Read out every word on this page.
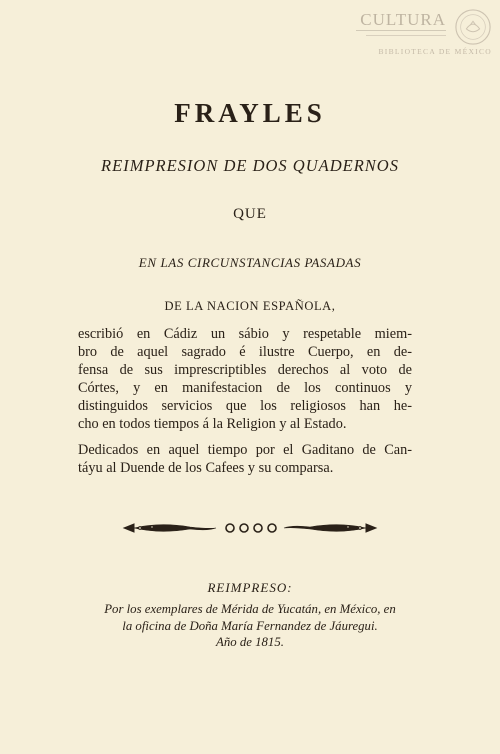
CULTURA
BIBLIOTECA DE MÉXICO
FRAYLES
REIMPRESION DE DOS QUADERNOS
QUE
EN LAS CIRCUNSTANCIAS PASADAS
DE LA NACION ESPAÑOLA,
escribió en Cádiz un sábio y respetable miem-
bro de aquel sagrado é ilustre Cuerpo, en de-
fensa de sus imprescriptibles derechos al voto de
Córtes, y en manifestacion de los continuos y
distinguidos servicios que los religiosos han he-
cho en todos tiempos á la Religion y al Estado.
Dedicados en aquel tiempo por el Gaditano de Can-
táyu al Duende de los Cafees y su comparsa.
REIMPRESO:
Por los exemplares de Mérida de Yucatán, en México, en
la oficina de Doña María Fernandez de Jáuregui.
Año de 1815.
